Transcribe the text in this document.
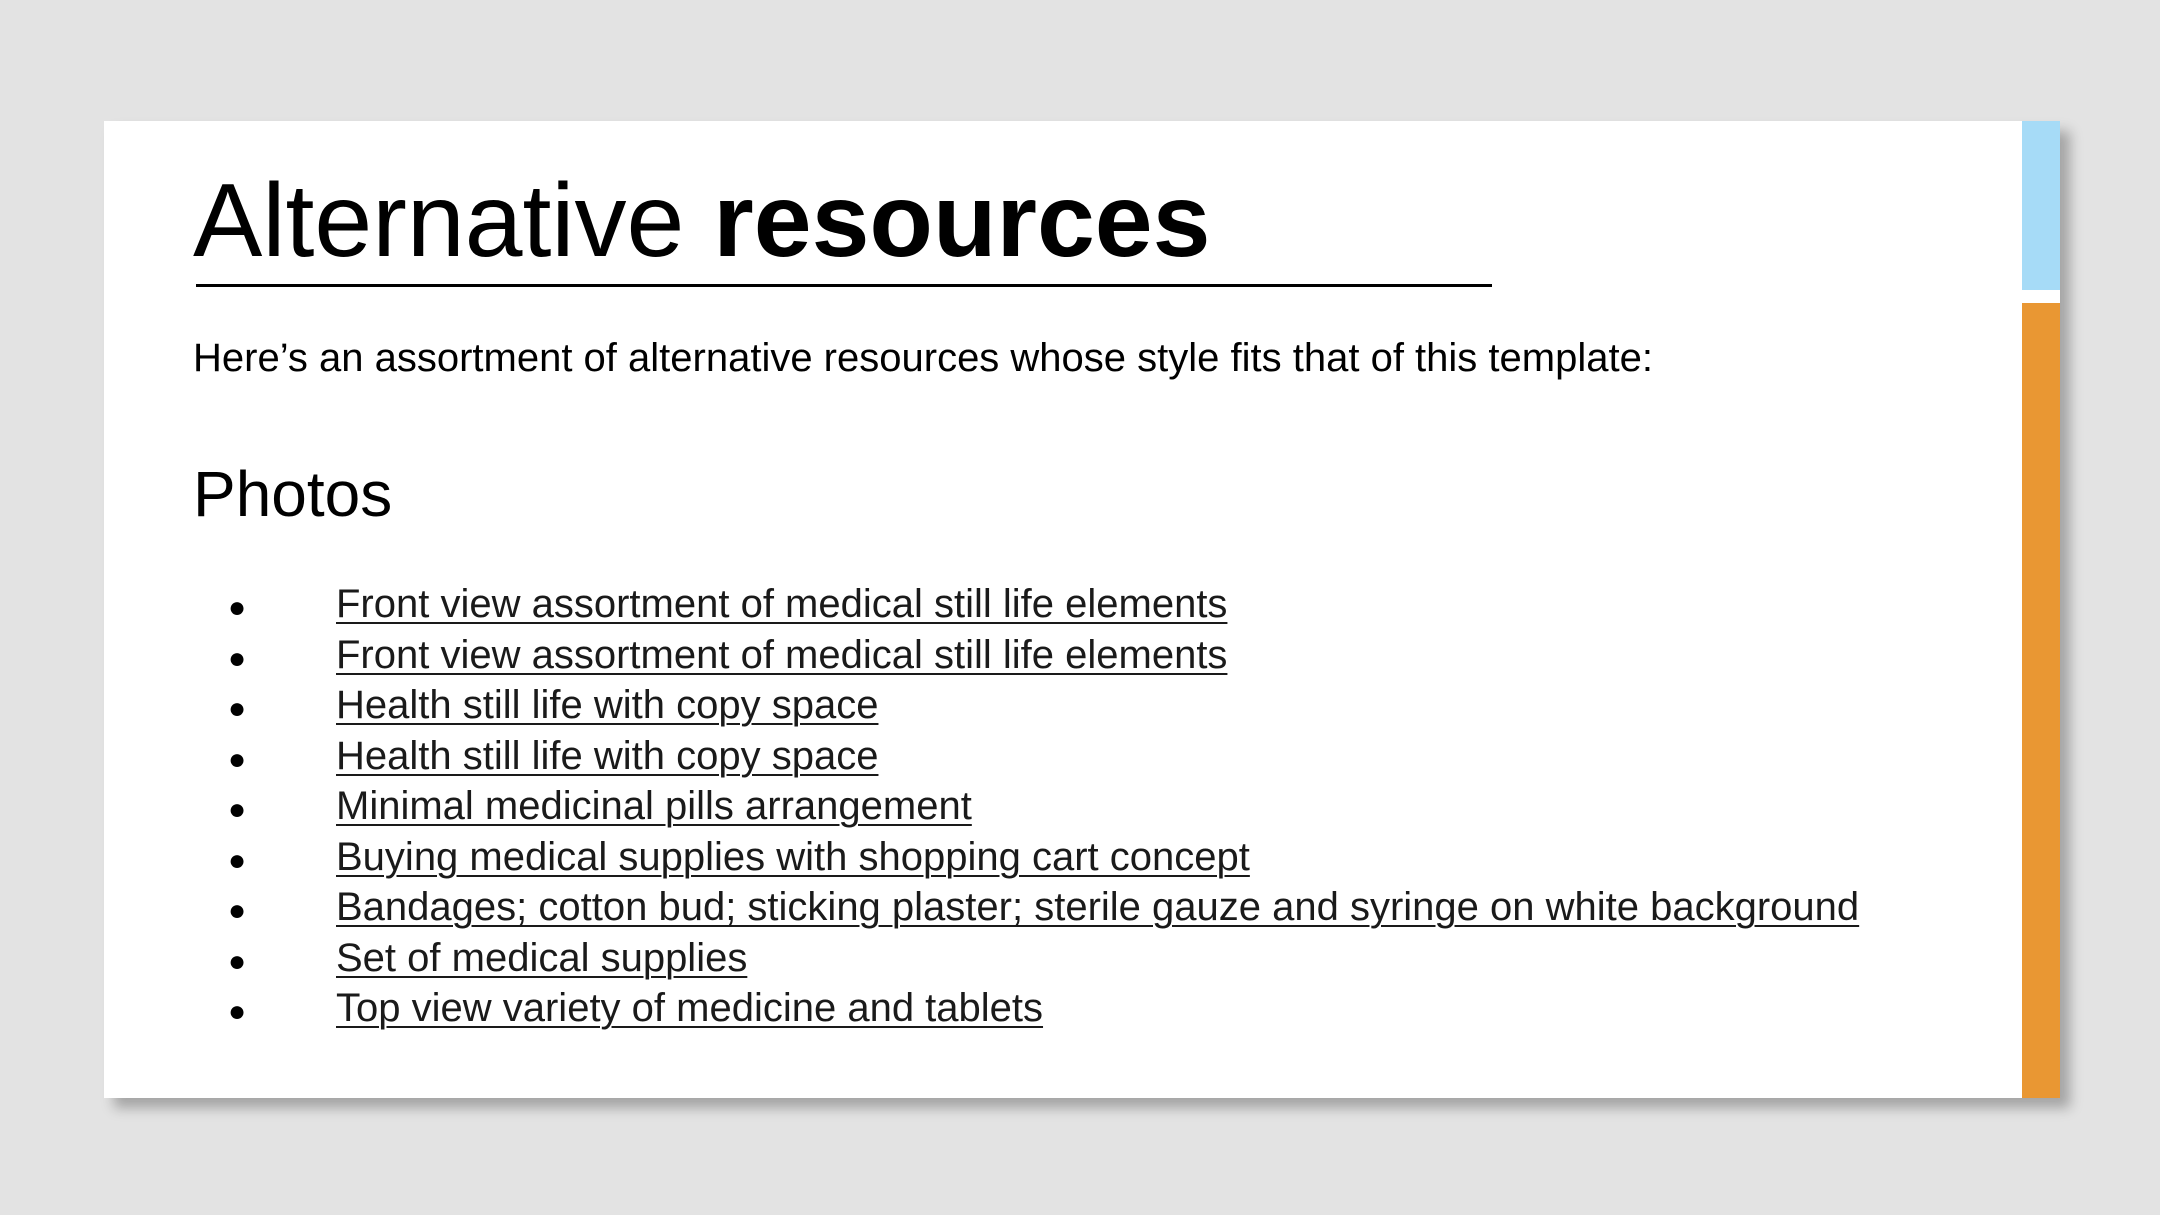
Alternative resources

Here’s an assortment of alternative resources whose style fits that of this template:

Photos
● Front view assortment of medical still life elements
● Front view assortment of medical still life elements
● Health still life with copy space
● Health still life with copy space
● Minimal medicinal pills arrangement
● Buying medical supplies with shopping cart concept
● Bandages; cotton bud; sticking plaster; sterile gauze and syringe on white background
● Set of medical supplies
● Top view variety of medicine and tablets
